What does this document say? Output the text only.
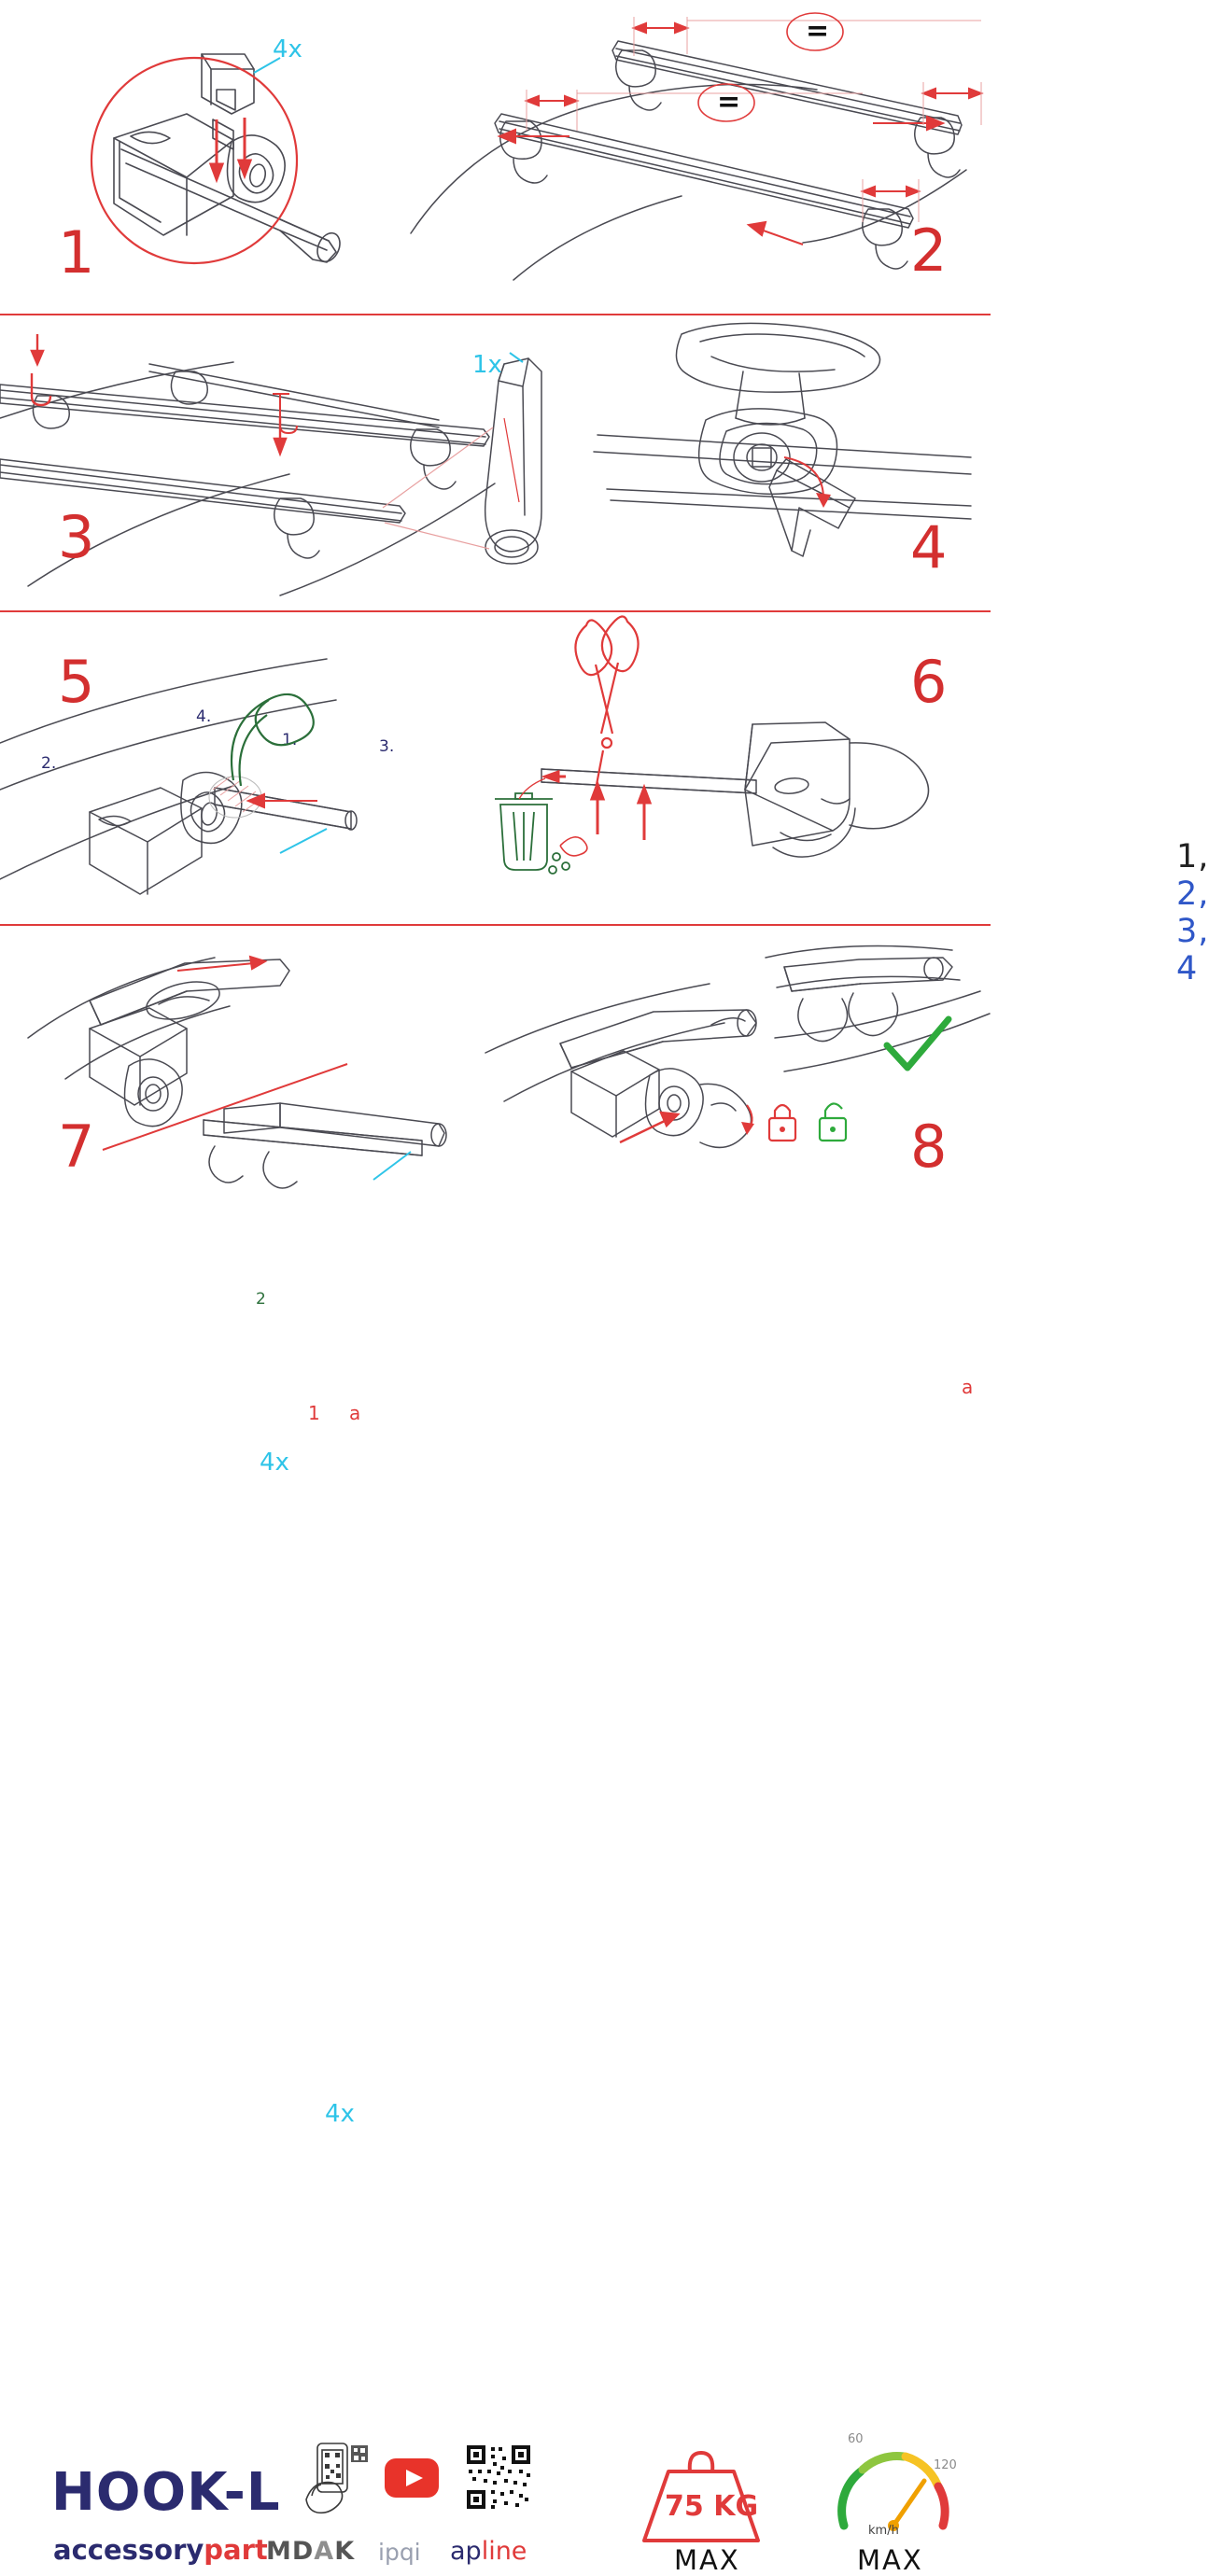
4x
1
=
=
2
4.
1.
2.
3.
1x
3
1, 2, 3, 4
4
1
2
a
4x
5
a
6
4x
7	8
HOOK-L
accessorypart
MDAK ipqi apline
75 KG
MAX
60
120
km/h
MAX
